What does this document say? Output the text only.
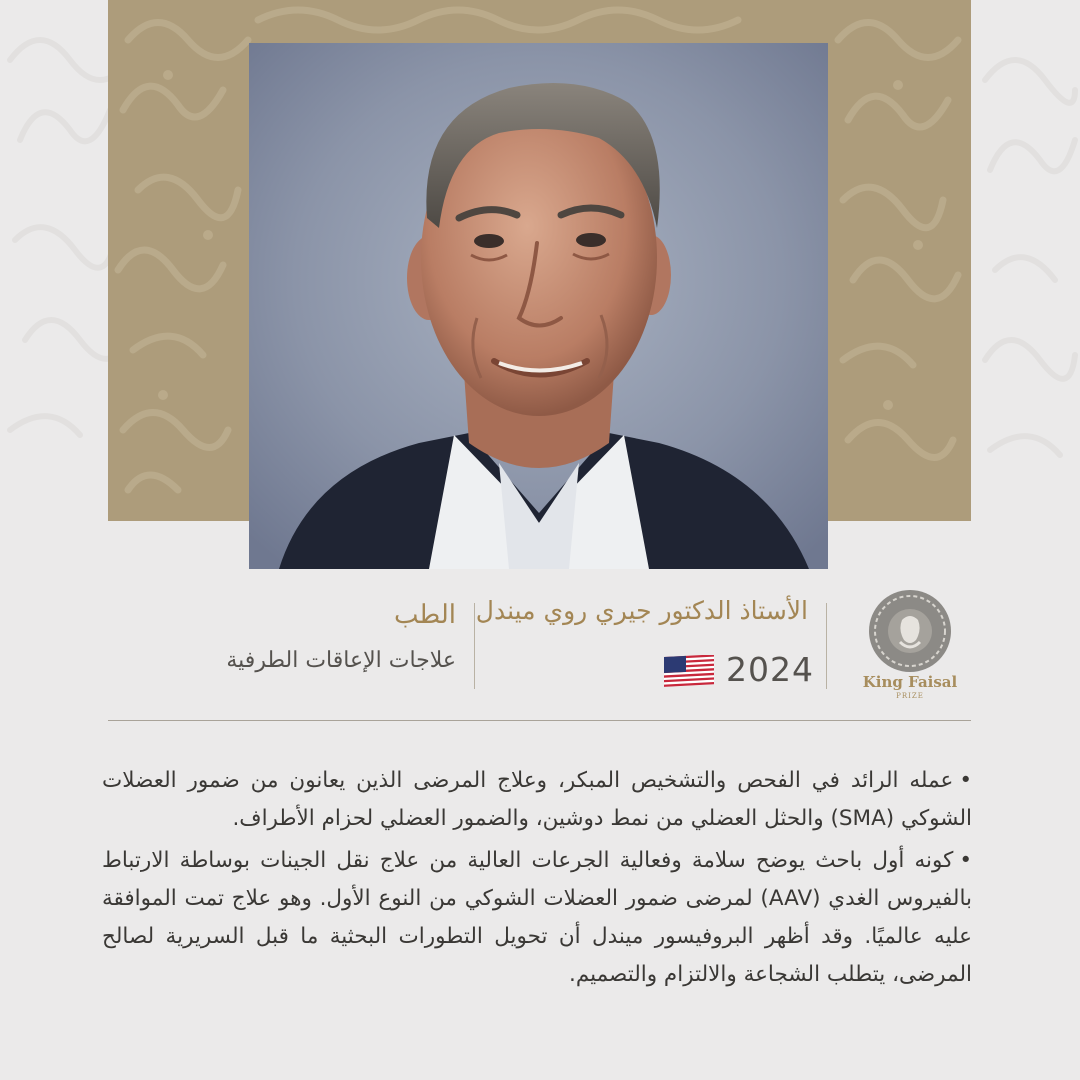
King Faisal
PRIZE
الأستاذ الدكتور جيري روي ميندل
2024
الطب
علاجات الإعاقات الطرفية

•عمله الرائد في الفحص والتشخيص المبكر، وعلاج المرضى الذين يعانون من ضمور العضلات الشوكي (SMA) والحثل العضلي من نمط دوشين، والضمور العضلي لحزام الأطراف.

•كونه أول باحث يوضح سلامة وفعالية الجرعات العالية من علاج نقل الجينات بوساطة الارتباط بالفيروس الغدي (AAV) لمرضى ضمور العضلات الشوكي من النوع الأول. وهو علاج تمت الموافقة عليه عالميًا. وقد أظهر البروفيسور ميندل أن تحويل التطورات البحثية ما قبل السريرية لصالح المرضى، يتطلب الشجاعة والالتزام والتصميم.
